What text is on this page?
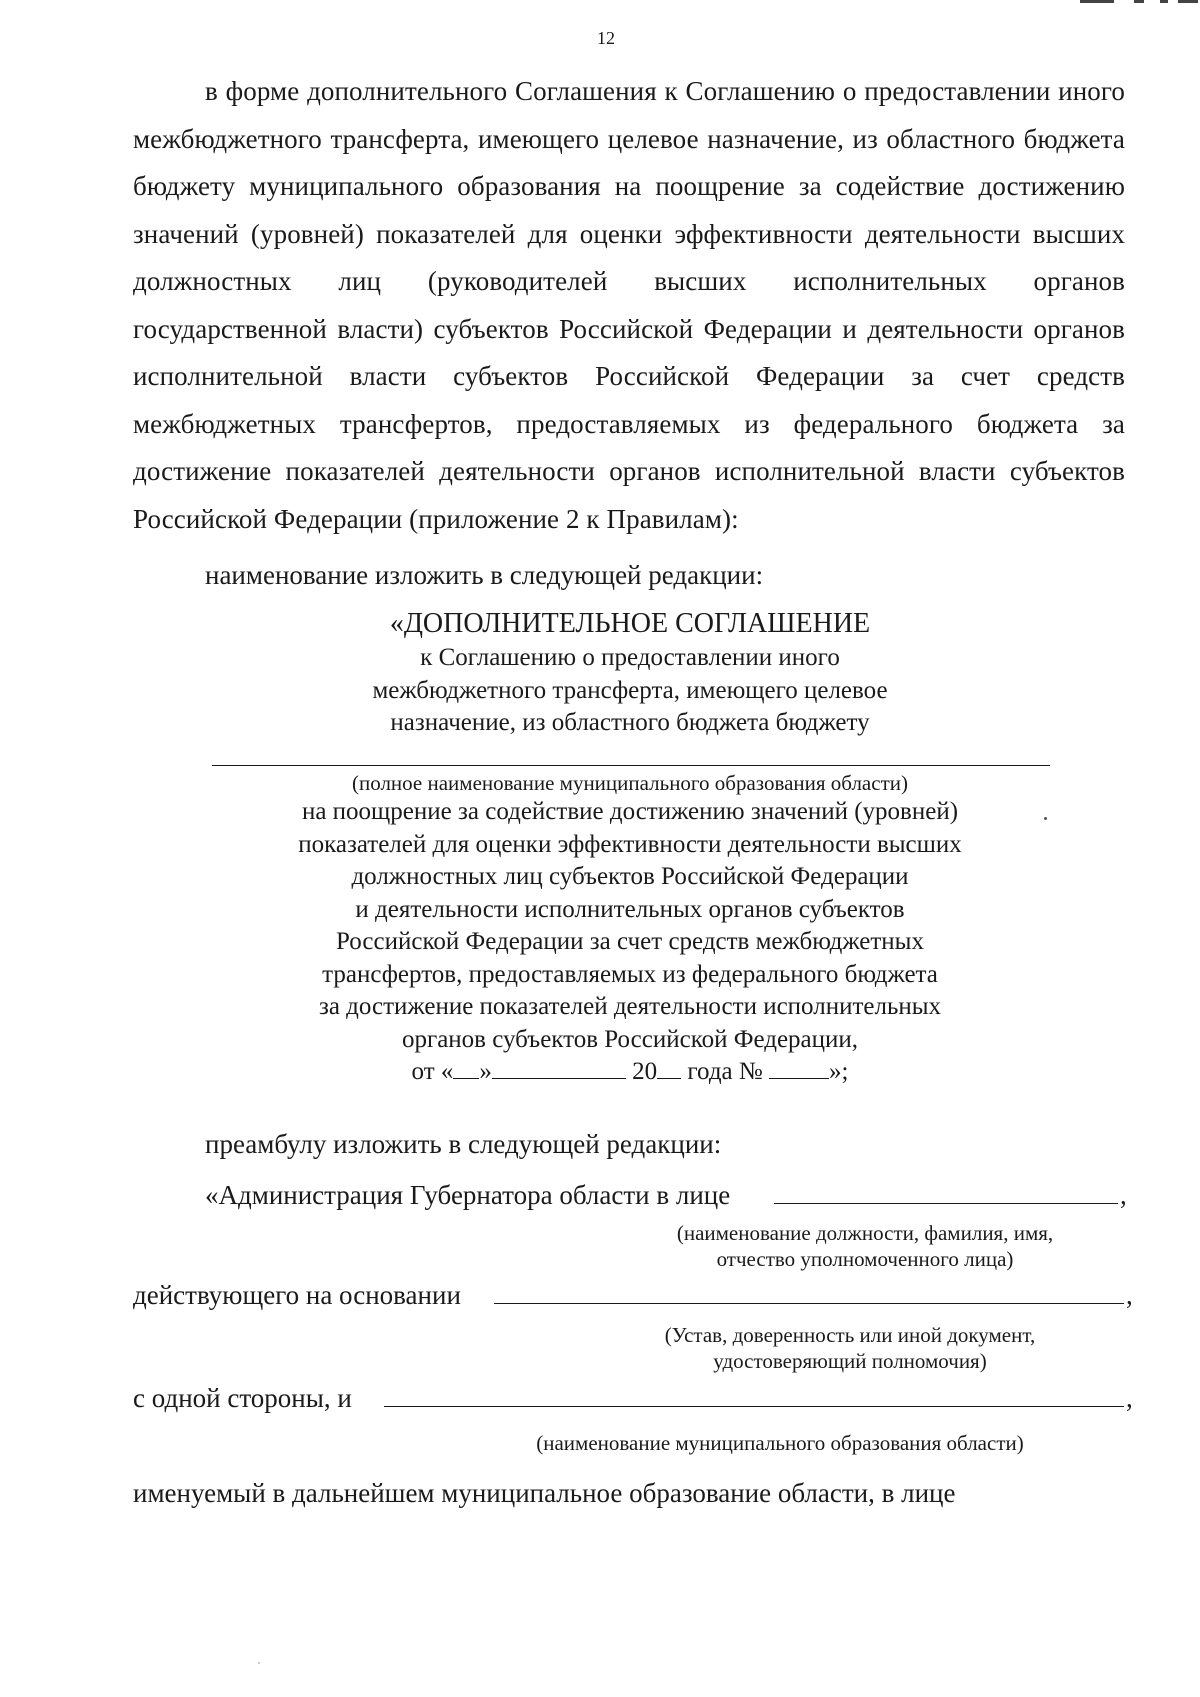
12

в форме дополнительного Соглашения к Соглашению о предоставлении иного межбюджетного трансферта, имеющего целевое назначение, из областного бюджета бюджету муниципального образования на поощрение за содействие достижению значений (уровней) показателей для оценки эффективности деятельности высших должностных лиц (руководителей высших исполнительных органов государственной власти) субъектов Российской Федерации и деятельности органов исполнительной власти субъектов Российской Федерации за счет средств межбюджетных трансфертов, предоставляемых из федерального бюджета за достижение показателей деятельности органов исполнительной власти субъектов Российской Федерации (приложение 2 к Правилам):

наименование изложить в следующей редакции:

«ДОПОЛНИТЕЛЬНОЕ СОГЛАШЕНИЕ
к Соглашению о предоставлении иного
межбюджетного трансферта, имеющего целевое
назначение, из областного бюджета бюджету
(полное наименование муниципального образования области)
на поощрение за содействие достижению значений (уровней)
показателей для оценки эффективности деятельности высших
должностных лиц субъектов Российской Федерации
и деятельности исполнительных органов субъектов
Российской Федерации за счет средств межбюджетных
трансфертов, предоставляемых из федерального бюджета
за достижение показателей деятельности исполнительных
органов субъектов Российской Федерации,
от « »	20 года №	»;

преамбулу изложить в следующей редакции:

«Администрация Губернатора области в лице	,
(наименование должности, фамилия, имя,
отчество уполномоченного лица)

действующего на основании	,
(Устав, доверенность или иной документ,
удостоверяющий полномочия)

с одной стороны, и	,
(наименование муниципального образования области)

именуемый в дальнейшем муниципальное образование области, в лице
